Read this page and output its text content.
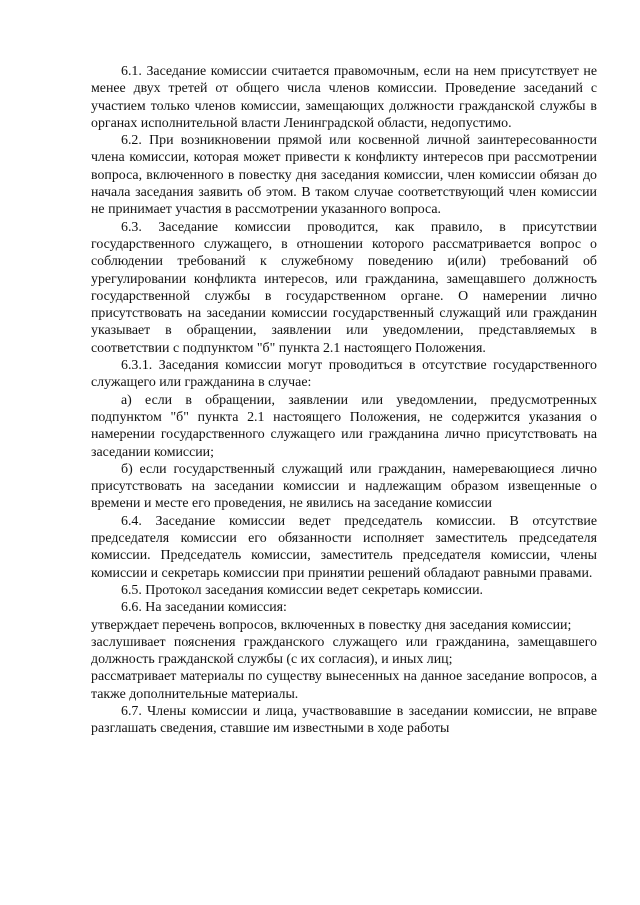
6.1. Заседание комиссии считается правомочным, если на нем присутствует не менее двух третей от общего числа членов комиссии. Проведение заседаний с участием только членов комиссии, замещающих должности гражданской службы в органах исполнительной власти Ленинградской области, недопустимо.

6.2. При возникновении прямой или косвенной личной заинтересованности члена комиссии, которая может привести к конфликту интересов при рассмотрении вопроса, включенного в повестку дня заседания комиссии, член комиссии обязан до начала заседания заявить об этом. В таком случае соответствующий член комиссии не принимает участия в рассмотрении указанного вопроса.

6.3. Заседание комиссии проводится, как правило, в присутствии государственного служащего, в отношении которого рассматривается вопрос о соблюдении требований к служебному поведению и(или) требований об урегулировании конфликта интересов, или гражданина, замещавшего должность государственной службы в государственном органе. О намерении лично присутствовать на заседании комиссии государственный служащий или гражданин указывает в обращении, заявлении или уведомлении, представляемых в соответствии с подпунктом "б" пункта 2.1 настоящего Положения.

6.3.1. Заседания комиссии могут проводиться в отсутствие государственного служащего или гражданина в случае:

а) если в обращении, заявлении или уведомлении, предусмотренных подпунктом "б" пункта 2.1 настоящего Положения, не содержится указания о намерении государственного служащего или гражданина лично присутствовать на заседании комиссии;

б) если государственный служащий или гражданин, намеревающиеся лично присутствовать на заседании комиссии и надлежащим образом извещенные о времени и месте его проведения, не явились на заседание комиссии

6.4. Заседание комиссии ведет председатель комиссии. В отсутствие председателя комиссии его обязанности исполняет заместитель председателя комиссии. Председатель комиссии, заместитель председателя комиссии, члены комиссии и секретарь комиссии при принятии решений обладают равными правами.

6.5. Протокол заседания комиссии ведет секретарь комиссии.

6.6. На заседании комиссия:

утверждает перечень вопросов, включенных в повестку дня заседания комиссии;

заслушивает пояснения гражданского служащего или гражданина, замещавшего должность гражданской службы (с их согласия), и иных лиц;

рассматривает материалы по существу вынесенных на данное заседание вопросов, а также дополнительные материалы.

6.7. Члены комиссии и лица, участвовавшие в заседании комиссии, не вправе разглашать сведения, ставшие им известными в ходе работы
